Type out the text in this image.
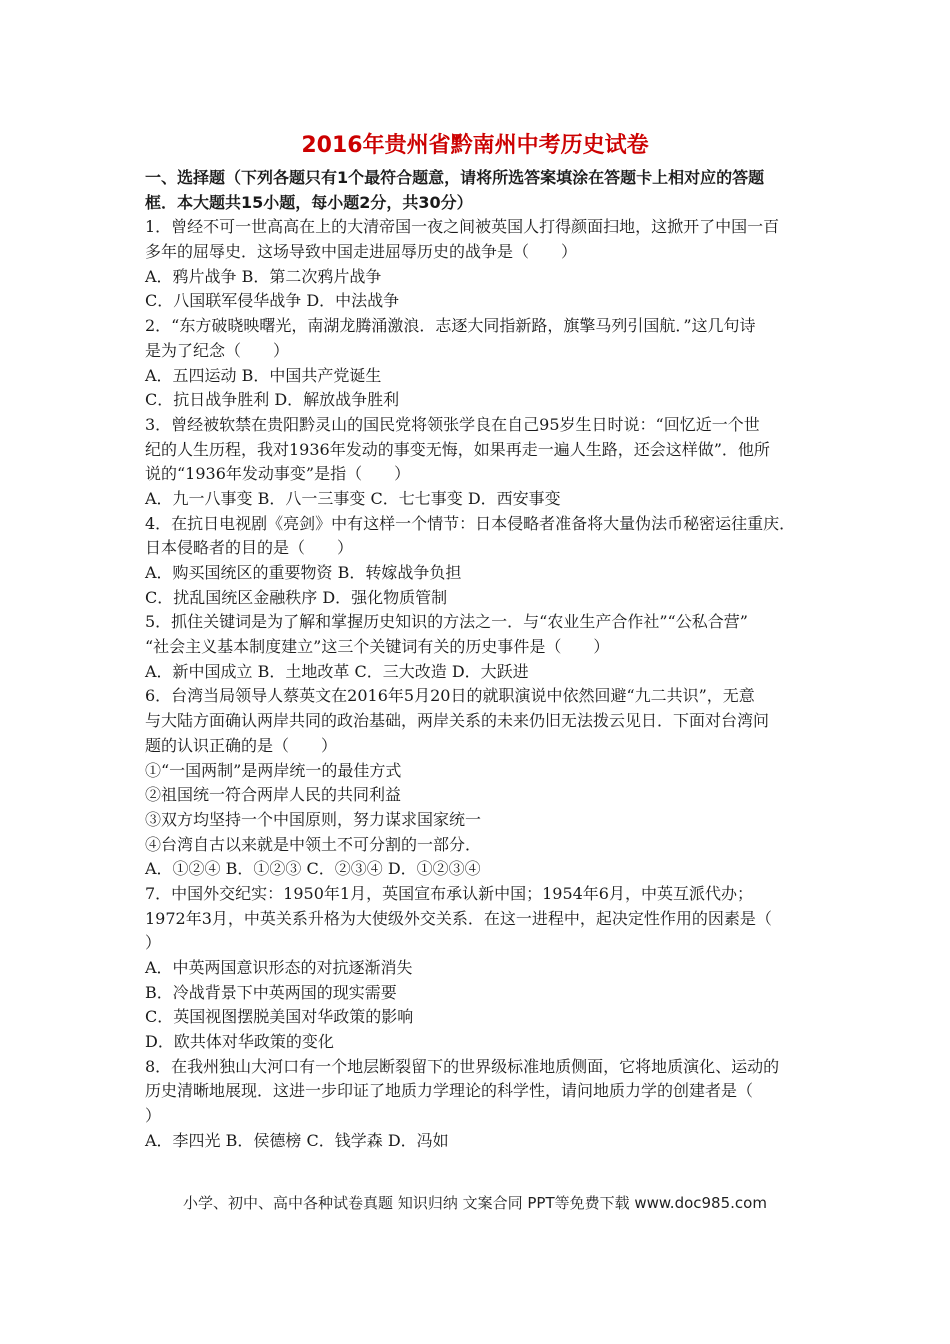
2016年贵州省黔南州中考历史试卷
一、选择题（下列各题只有1个最符合题意，请将所选答案填涂在答题卡上相对应的答题
框．本大题共15小题，每小题2分，共30分）
1．曾经不可一世高高在上的大清帝国一夜之间被英国人打得颜面扫地，这掀开了中国一百
多年的屈辱史．这场导致中国走进屈辱历史的战争是（　　）
A．鸦片战争 B．第二次鸦片战争
C．八国联军侵华战争 D．中法战争
2．“东方破晓映曙光，南湖龙腾涌激浪．志逐大同指新路，旗擎马列引国航．”这几句诗
是为了纪念（　　）
A．五四运动 B．中国共产党诞生
C．抗日战争胜利 D．解放战争胜利
3．曾经被软禁在贵阳黔灵山的国民党将领张学良在自己95岁生日时说：“回忆近一个世
纪的人生历程，我对1936年发动的事变无悔，如果再走一遍人生路，还会这样做”．他所
说的“1936年发动事变”是指（　　）
A．九一八事变 B．八一三事变 C．七七事变 D．西安事变
4．在抗日电视剧《亮剑》中有这样一个情节：日本侵略者准备将大量伪法币秘密运往重庆．
日本侵略者的目的是（　　）
A．购买国统区的重要物资 B．转嫁战争负担
C．扰乱国统区金融秩序 D．强化物质管制
5．抓住关键词是为了解和掌握历史知识的方法之一．与“农业生产合作社”“公私合营”
“社会主义基本制度建立”这三个关键词有关的历史事件是（　　）
A．新中国成立 B．土地改革 C．三大改造 D．大跃进
6．台湾当局领导人蔡英文在2016年5月20日的就职演说中依然回避“九二共识”，无意
与大陆方面确认两岸共同的政治基础，两岸关系的未来仍旧无法拨云见日．下面对台湾问
题的认识正确的是（　　）
①“一国两制”是两岸统一的最佳方式
②祖国统一符合两岸人民的共同利益
③双方均坚持一个中国原则，努力谋求国家统一
④台湾自古以来就是中领土不可分割的一部分．
A．①②④ B．①②③ C．②③④ D．①②③④
7．中国外交纪实：1950年1月，英国宣布承认新中国；1954年6月，中英互派代办；
1972年3月，中英关系升格为大使级外交关系．在这一进程中，起决定性作用的因素是（
）
A．中英两国意识形态的对抗逐渐消失
B．冷战背景下中英两国的现实需要
C．英国视图摆脱美国对华政策的影响
D．欧共体对华政策的变化
8．在我州独山大河口有一个地层断裂留下的世界级标准地质侧面，它将地质演化、运动的
历史清晰地展现．这进一步印证了地质力学理论的科学性，请问地质力学的创建者是（
）
A．李四光 B．侯德榜 C．钱学森 D．冯如
小学、初中、高中各种试卷真题 知识归纳 文案合同 PPT等免费下载 www.doc985.com
